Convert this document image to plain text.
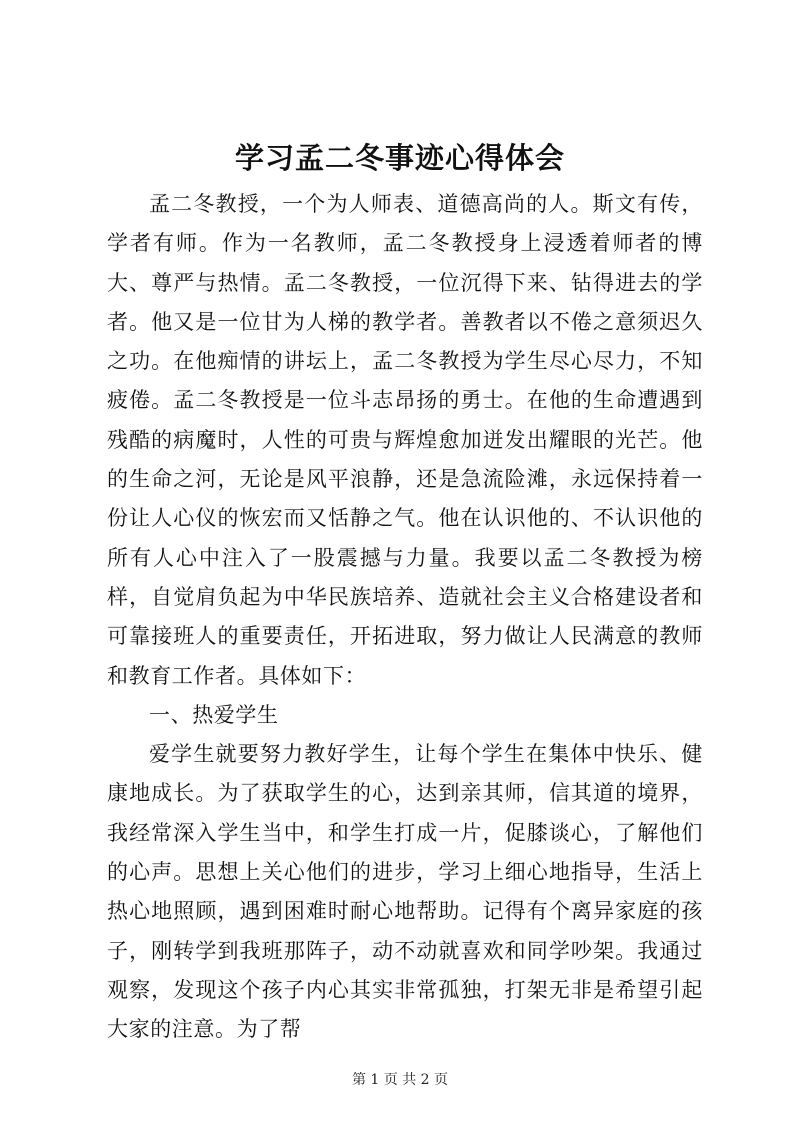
学习孟二冬事迹心得体会

孟二冬教授，一个为人师表、道德高尚的人。斯文有传，学者有师。作为一名教师，孟二冬教授身上浸透着师者的博大、尊严与热情。孟二冬教授，一位沉得下来、钻得进去的学者。他又是一位甘为人梯的教学者。善教者以不倦之意须迟久之功。在他痴情的讲坛上，孟二冬教授为学生尽心尽力，不知疲倦。孟二冬教授是一位斗志昂扬的勇士。在他的生命遭遇到残酷的病魔时，人性的可贵与辉煌愈加迸发出耀眼的光芒。他的生命之河，无论是风平浪静，还是急流险滩，永远保持着一份让人心仪的恢宏而又恬静之气。他在认识他的、不认识他的所有人心中注入了一股震撼与力量。我要以孟二冬教授为榜样，自觉肩负起为中华民族培养、造就社会主义合格建设者和可靠接班人的重要责任，开拓进取，努力做让人民满意的教师和教育工作者。具体如下：

一、热爱学生

爱学生就要努力教好学生，让每个学生在集体中快乐、健康地成长。为了获取学生的心，达到亲其师，信其道的境界，我经常深入学生当中，和学生打成一片，促膝谈心，了解他们的心声。思想上关心他们的进步，学习上细心地指导，生活上热心地照顾，遇到困难时耐心地帮助。记得有个离异家庭的孩子，刚转学到我班那阵子，动不动就喜欢和同学吵架。我通过观察，发现这个孩子内心其实非常孤独，打架无非是希望引起大家的注意。为了帮

第 1 页 共 2 页
